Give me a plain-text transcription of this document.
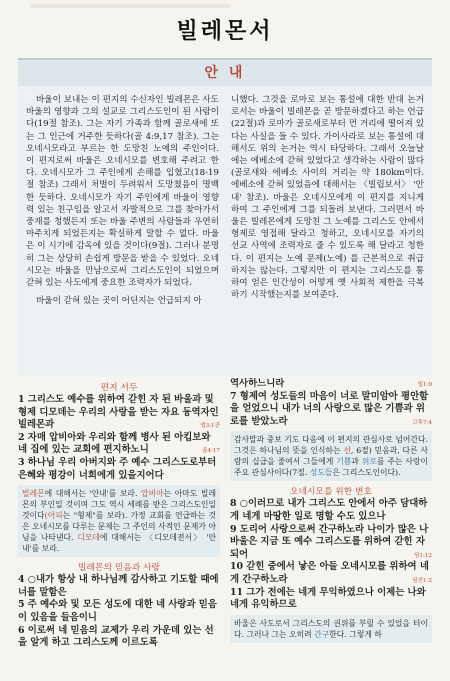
빌레몬서
안 내

바울이 보내는 이 편지의 수신자인 빌레몬은 사도 바울의 영향과 그의 설교로 그리스도인이 된 사람이다(19절 참조). 그는 자기 가족과 함께 골로새에 또는 그 인근에 거주한 듯하다(골 4:9,17 참조). 그는 오네시모라고 부르는 한 도망친 노예의 주인이다. 이 편지로써 바울은 오네시모를 변호해 주려고 한다. 오네시모가 그 주인에게 손해를 입혔고(18-19절 참조) 그래서 처벌이 두려워서 도망쳤음이 명백한 듯하다. 오네시모가 자기 주인에게 바울이 영향력 있는 친구임을 알고서 자발적으로 그를 찾아가서 중재를 청했든지 또는 바울 주변의 사람들과 우연히 마주치게 되었든지는 확실하게 말할 수 없다. 바울은 이 시기에 감옥에 있을 것이다(9절). 그러나 분명히 그는 상당히 손쉽게 방문을 받을 수 있었다. 오네시모는 바울을 만남으로써 그리스도인이 되었으며 갇혀 있는 사도에게 중요한 조력자가 되었다.

바울이 갇혀 있는 곳이 어딘지는 언급되지 아

니했다. 그것을 로마로 보는 통설에 대한 반대 논거로서는 바울이 빌레몬을 곧 방문하겠다고 하는 언급(22절)과 로마가 골로새로부터 먼 거리에 떨어져 있다는 사실을 들 수 있다. 가이사라로 보는 통설에 대해서도 위의 논거는 역시 타당하다. 그래서 오늘날에는 에베소에 갇혀 있었다고 생각하는 사람이 많다(골로새와 에베소 사이의 거리는 약 180km이다. 에베소에 갇혀 있었음에 대해서는 〈빌립보서〉 '안내' 참조). 바울은 오네시모에게 이 편지를 지니게 하여 그 주인에게 그를 되돌려 보낸다. 그러면서 바울은 빌레몬에게 도망친 그 노예를 그리스도 안에서 형제로 영접해 달라고 청하고, 오네시모를 자기의 선교 사역에 조력자로 줄 수 있도록 해 달라고 청한다. 이 편지는 노예 문제(노예) 를 근본적으로 취급하지는 않는다. 그렇지만 이 편지는 그리스도를 통하여 얻은 인간성이 어떻게 옛 사회적 제한을 극복하기 시작했는지를 보여준다.

편지 서두

1 그리스도 예수를 위하여 갇힌 자 된 바울과 및 형제 디모데는 우리의 사랑을 받는 자요 동역자인 빌레몬과	엡3:1관

2 자매 압비아와 우리와 함께 병사 된 아킵보와 네 집에 있는 교회에 편지하노니	골4:17

3 하나님 우리 아버지와 주 예수 그리스도로부터 은혜와 평강이 너희에게 있을지어다

빌레몬에 대해서는 '안내'를 보라. 압비아는 아마도 빌레몬의 부인일 것이며 그도 역시 세례를 받은 그리스도인일 것이다(아피는 "형제"를 보라). 가정 교회를 언급하는 것은 오네시모를 다루는 문제는 그 주인의 사적인 문제가 아님을 나타낸다. 디모데에 대해서는 〈디모데전서〉 '안내'를 보라.
빌레몬의 믿음과 사랑

4 ○내가 항상 내 하나님께 감사하고 기도할 때에 너를 말함은

5 주 예수와 및 모든 성도에 대한 네 사랑과 믿음이 있음을 들음이니

6 이로써 네 믿음의 교제가 우리 가운데 있는 선을 알게 하고 그리스도께 이르도록

역사하느니라	빌1:9

7 형제여 성도들의 마음이 너로 말미암아 평안함을 얻었으니 내가 너의 사랑으로 많은 기쁨과 위로를 받았노라	고후7:4

감사말과 중보 기도 다음에 이 편지의 관심사로 넘어간다. 그것은 하나님의 뜻을 인식하는 선, 6절) 믿음과, 다른 사람의 십급을 줄여서 그들에게 기쁨과 위로를 주는 사랑이 주요 관심사이다(7절. 성도들은 그리스도인이다).
오네시모를 위한 변호

8 ○이러므로 내가 그리스도 안에서 아주 담대하게 네게 마땅한 일로 명할 수도 있으나

9 도리어 사랑으로써 간구하노라 나이가 많은 나 바울은 지금 또 예수 그리스도를 위하여 갇힌 자 되어	딤1:12

10 갇힌 중에서 낳은 아들 오네시모를 위하여 네게 간구하노라	딤전1:2

11 그가 전에는 네게 무익하였으나 이제는 나와 네게 유익하므로

바울은 사도로서 그리스도의 권위를 부릴 수 있었을 터이다. 그러나 그는 오히려 간구한다. 그렇게 하
